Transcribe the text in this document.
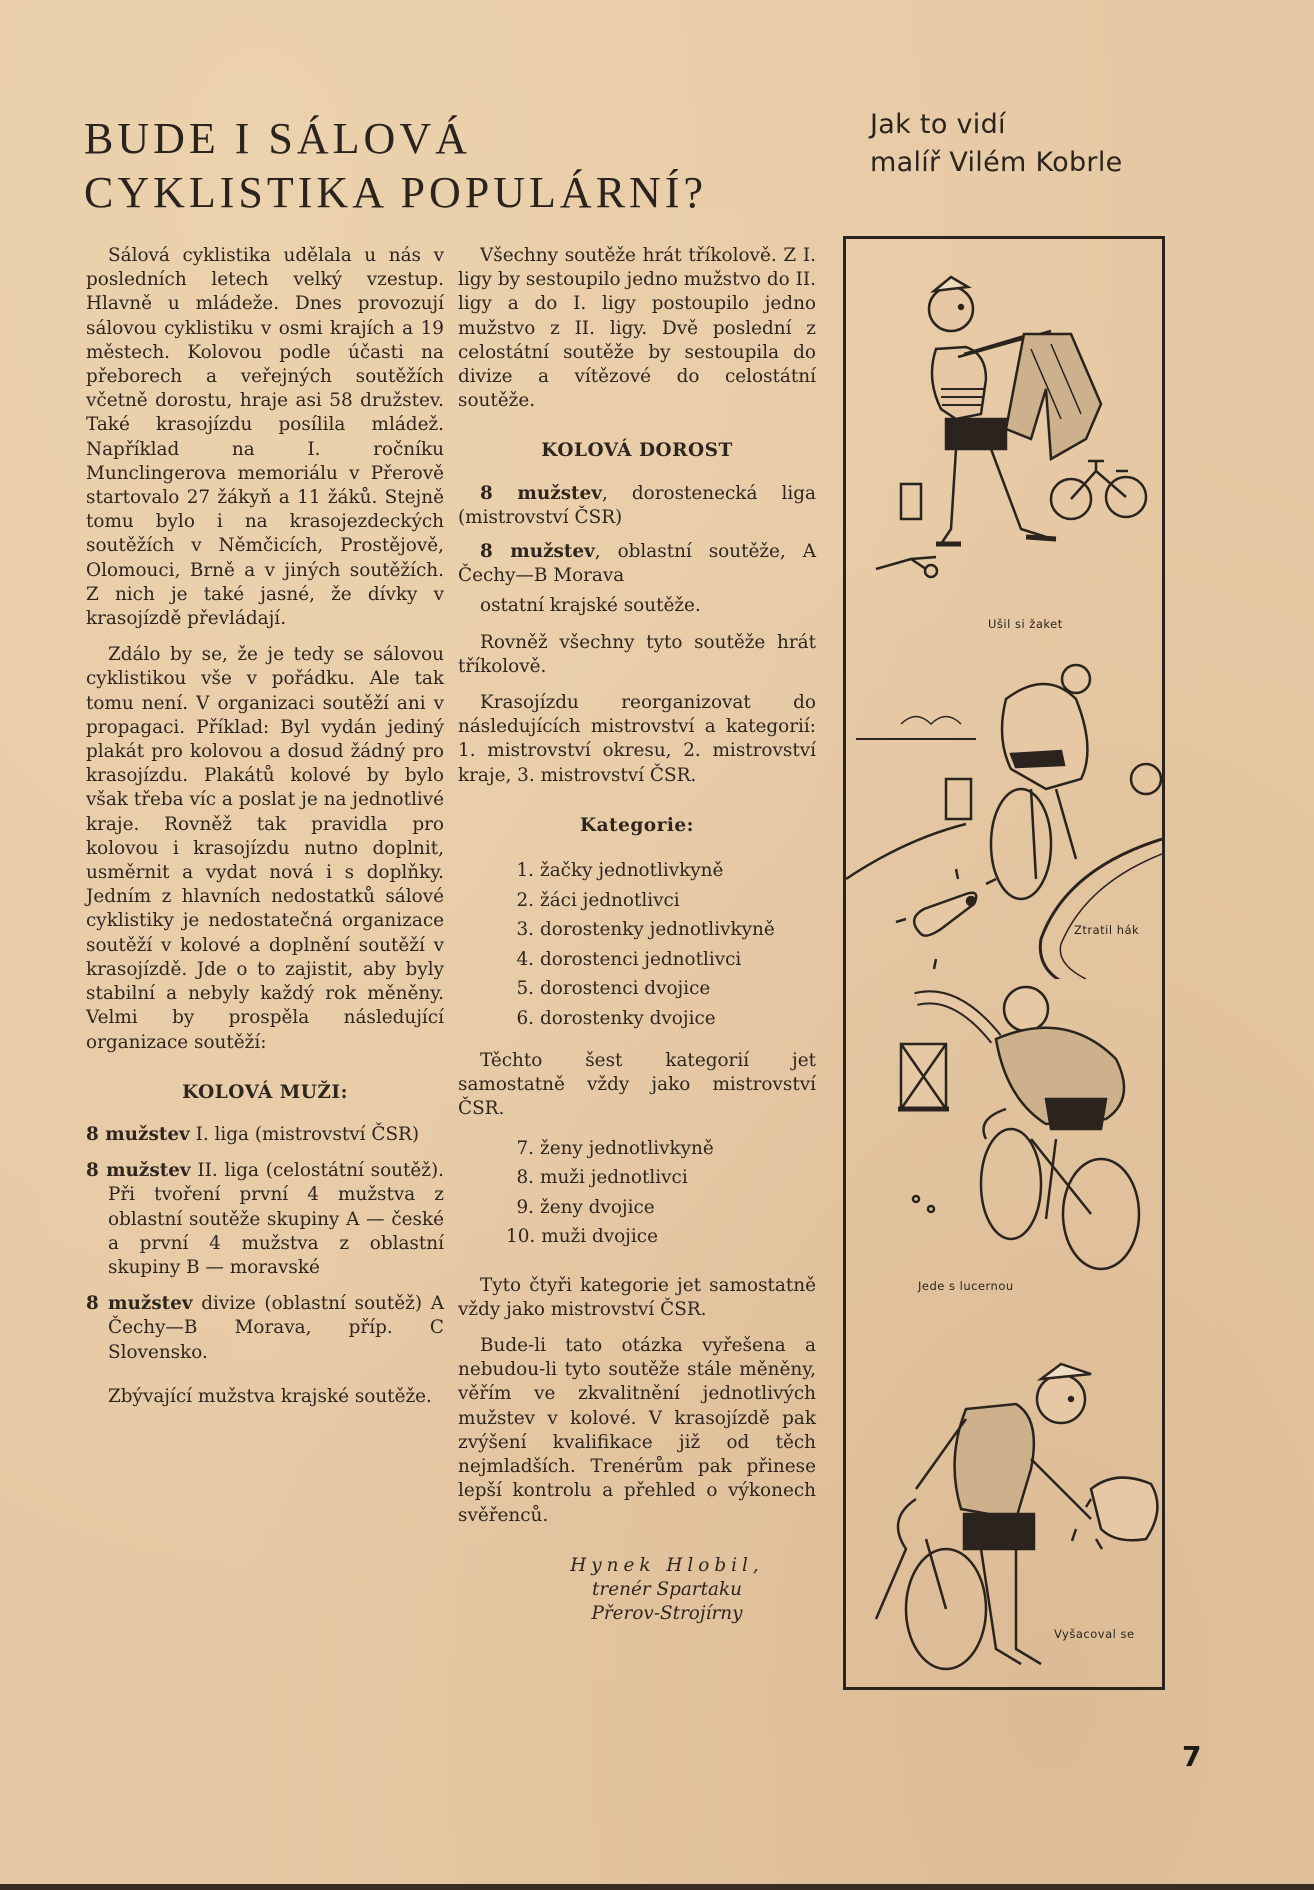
BUDE I SÁLOVÁ
CYKLISTIKA POPULÁRNÍ?
Jak to vidí
malíř Vilém Kobrle

Sálová cyklistika udělala u nás v posledních letech velký vzestup. Hlavně u mládeže. Dnes provozují sálovou cyklistiku v osmi krajích a 19 městech. Kolovou podle účasti na přeborech a veřejných soutěžích včetně dorostu, hraje asi 58 družstev. Také krasojízdu posílila mládež. Například na I. ročníku Munclingerova memoriálu v Přerově startovalo 27 žákyň a 11 žáků. Stejně tomu bylo i na krasojezdeckých soutěžích v Němčicích, Prostějově, Olomouci, Brně a v jiných soutěžích. Z nich je také jasné, že dívky v krasojízdě převládají.

Zdálo by se, že je tedy se sálovou cyklistikou vše v pořádku. Ale tak tomu není. V organizaci soutěží ani v propagaci. Příklad: Byl vydán jediný plakát pro kolovou a dosud žádný pro krasojízdu. Plakátů kolové by bylo však třeba víc a poslat je na jednotlivé kraje. Rovněž tak pravidla pro kolovou i krasojízdu nutno doplnit, usměrnit a vydat nová i s doplňky. Jedním z hlavních nedostatků sálové cyklistiky je nedostatečná organizace soutěží v kolové a doplnění soutěží v krasojízdě. Jde o to zajistit, aby byly stabilní a nebyly každý rok měněny. Velmi by prospěla následující organizace soutěží:

KOLOVÁ MUŽI:
8 mužstev I. liga (mistrovství ČSR)
8 mužstev II. liga (celostátní soutěž). Při tvoření první 4 mužstva z oblastní soutěže skupiny A — české a první 4 mužstva z oblastní skupiny B — moravské
8 mužstev divize (oblastní soutěž) A Čechy—B Morava, příp. C Slovensko.

Zbývající mužstva krajské soutěže.

Všechny soutěže hrát tříkolově. Z I. ligy by sestoupilo jedno mužstvo do II. ligy a do I. ligy postoupilo jedno mužstvo z II. ligy. Dvě poslední z celostátní soutěže by sestoupila do divize a vítězové do celostátní soutěže.

KOLOVÁ DOROST
8 mužstev, dorostenecká liga (mistrovství ČSR)
8 mužstev, oblastní soutěže, A Čechy—B Morava

ostatní krajské soutěže.

Rovněž všechny tyto soutěže hrát tříkolově.

Krasojízdu reorganizovat do následujících mistrovství a kategorií: 1. mistrovství okresu, 2. mistrovství kraje, 3. mistrovství ČSR.

Kategorie:
1. žačky jednotlivkyně
2. žáci jednotlivci
3. dorostenky jednotlivkyně
4. dorostenci jednotlivci
5. dorostenci dvojice
6. dorostenky dvojice

Těchto šest kategorií jet samostatně vždy jako mistrovství ČSR.

7. ženy jednotlivkyně
8. muži jednotlivci
9. ženy dvojice
10. muži dvojice

Tyto čtyři kategorie jet samostatně vždy jako mistrovství ČSR.

Bude-li tato otázka vyřešena a nebudou-li tyto soutěže stále měněny, věřím ve zkvalitnění jednotlivých mužstev v kolové. V krasojízdě pak zvýšení kvalifikace již od těch nejmladších. Trenérům pak přinese lepší kontrolu a přehled o výkonech svěřenců.

Hynek Hlobil,
trenér Spartaku
Přerov-Strojírny
Ušil si žaket
Ztratil hák
Jede s lucernou
Vyšacoval se
7
